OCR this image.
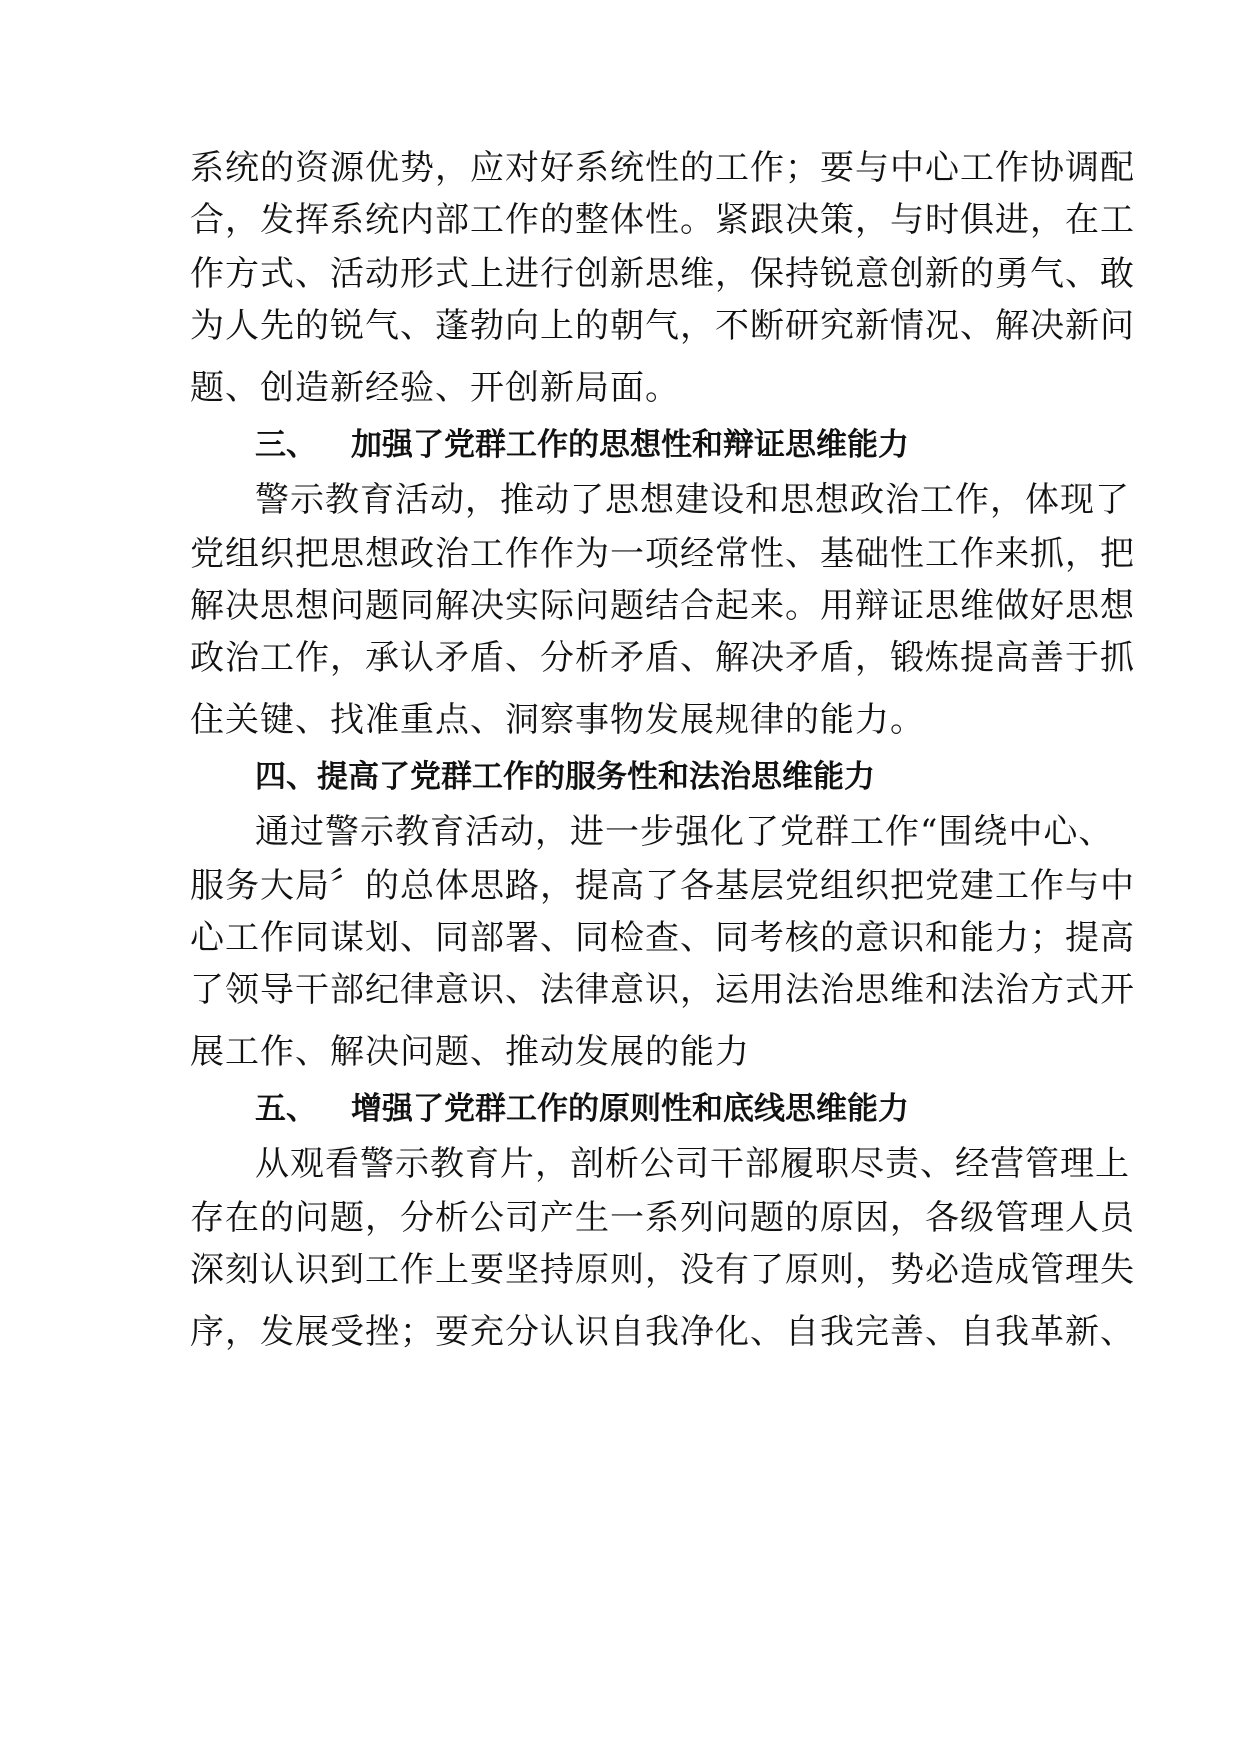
系统的资源优势，应对好系统性的工作；要与中心工作协调配
合，发挥系统内部工作的整体性。紧跟决策，与时俱进，在工
作方式、活动形式上进行创新思维，保持锐意创新的勇气、敢
为人先的锐气、蓬勃向上的朝气，不断研究新情况、解决新问
题、创造新经验、开创新局面。
三、 加强了党群工作的思想性和辩证思维能力
警示教育活动，推动了思想建设和思想政治工作，体现了
党组织把思想政治工作作为一项经常性、基础性工作来抓，把
解决思想问题同解决实际问题结合起来。用辩证思维做好思想
政治工作，承认矛盾、分析矛盾、解决矛盾，锻炼提高善于抓
住关键、找准重点、洞察事物发展规律的能力。
四、提高了党群工作的服务性和法治思维能力
通过警示教育活动，进一步强化了党群工作“围绕中心、
服务大局〞的总体思路，提高了各基层党组织把党建工作与中
心工作同谋划、同部署、同检查、同考核的意识和能力；提高
了领导干部纪律意识、法律意识，运用法治思维和法治方式开
展工作、解决问题、推动发展的能力
五、 增强了党群工作的原则性和底线思维能力
从观看警示教育片，剖析公司干部履职尽责、经营管理上
存在的问题，分析公司产生一系列问题的原因，各级管理人员
深刻认识到工作上要坚持原则，没有了原则，势必造成管理失
序，发展受挫；要充分认识自我净化、自我完善、自我革新、
